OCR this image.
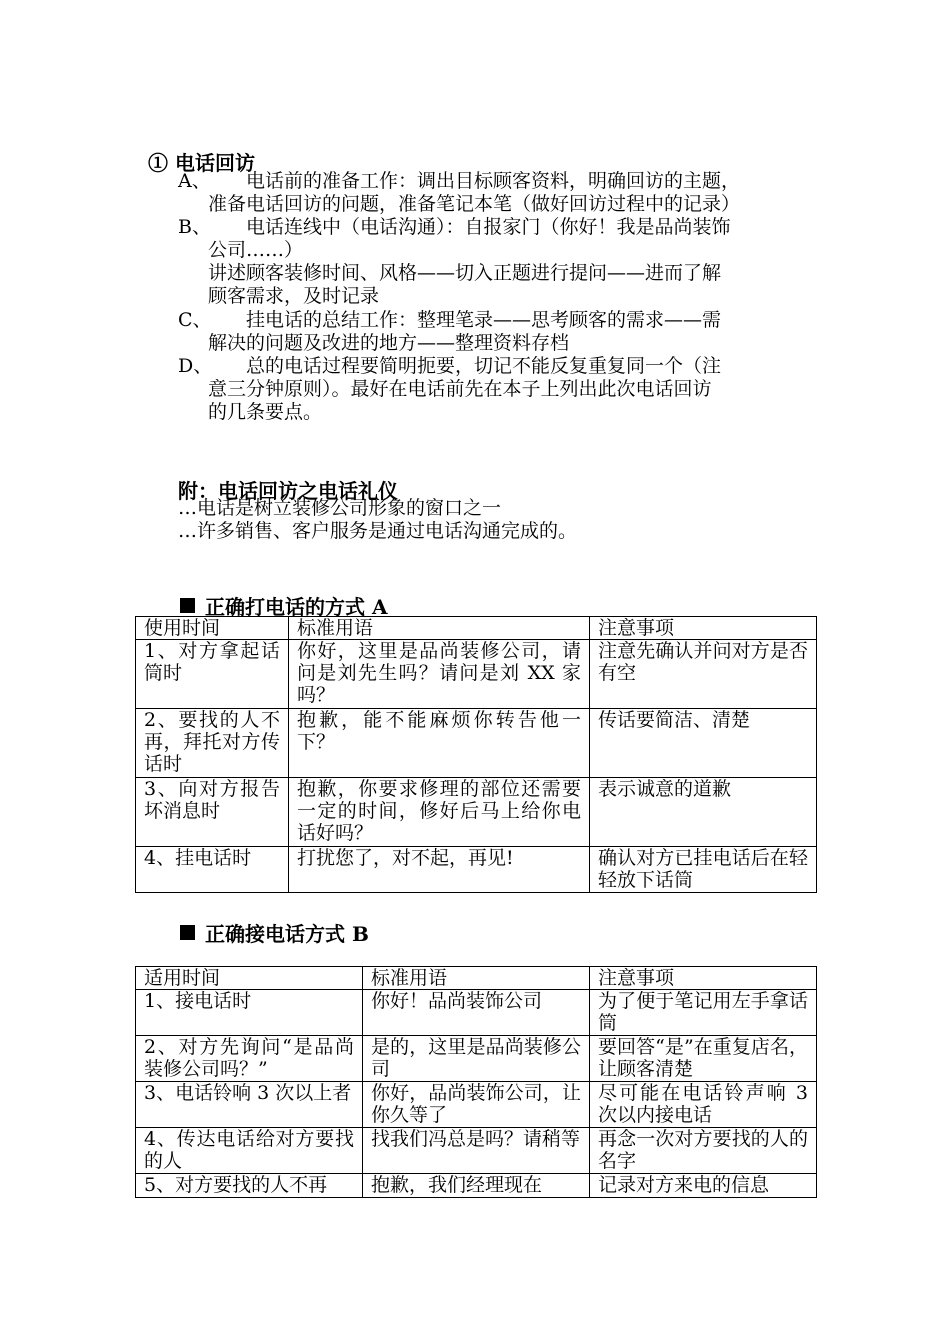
① 电话回访
A、	电话前的准备工作：调出目标顾客资料，明确回访的主题，
准备电话回访的问题，准备笔记本笔（做好回访过程中的记录）
B、	电话连线中（电话沟通）：自报家门（你好！我是品尚装饰
公司……）
讲述顾客装修时间、风格——切入正题进行提问——进而了解
顾客需求，及时记录
C、	挂电话的总结工作：整理笔录——思考顾客的需求——需
解决的问题及改进的地方——整理资料存档
D、	总的电话过程要简明扼要，切记不能反复重复同一个（注
意三分钟原则）。最好在电话前先在本子上列出此次电话回访
的几条要点。
附：电话回访之电话礼仪
…电话是树立装修公司形象的窗口之一
…许多销售、客户服务是通过电话沟通完成的。
正确打电话的方式 A
使用时间	标准用语	注意事项
1、对方拿起话筒时	你好，这里是品尚装修公司，请问是刘先生吗？请问是刘 XX 家吗？	注意先确认并问对方是否有空
2、要找的人不再，拜托对方传话时	抱歉，能不能麻烦你转告他一下？	传话要简洁、清楚
3、向对方报告坏消息时	抱歉，你要求修理的部位还需要一定的时间，修好后马上给你电话好吗？	表示诚意的道歉
4、挂电话时	打扰您了，对不起，再见!	确认对方已挂电话后在轻轻放下话筒
正确接电话方式 B
适用时间	标准用语	注意事项
1、接电话时	你好！品尚装饰公司	为了便于笔记用左手拿话筒
2、对方先询问“是品尚装修公司吗？”	是的，这里是品尚装修公司	要回答“是”在重复店名，让顾客清楚
3、电话铃响 3 次以上者	你好，品尚装饰公司，让你久等了	尽可能在电话铃声响 3 次以内接电话
4、传达电话给对方要找的人	找我们冯总是吗？请稍等	再念一次对方要找的人的名字
5、对方要找的人不再	抱歉，我们经理现在	记录对方来电的信息
